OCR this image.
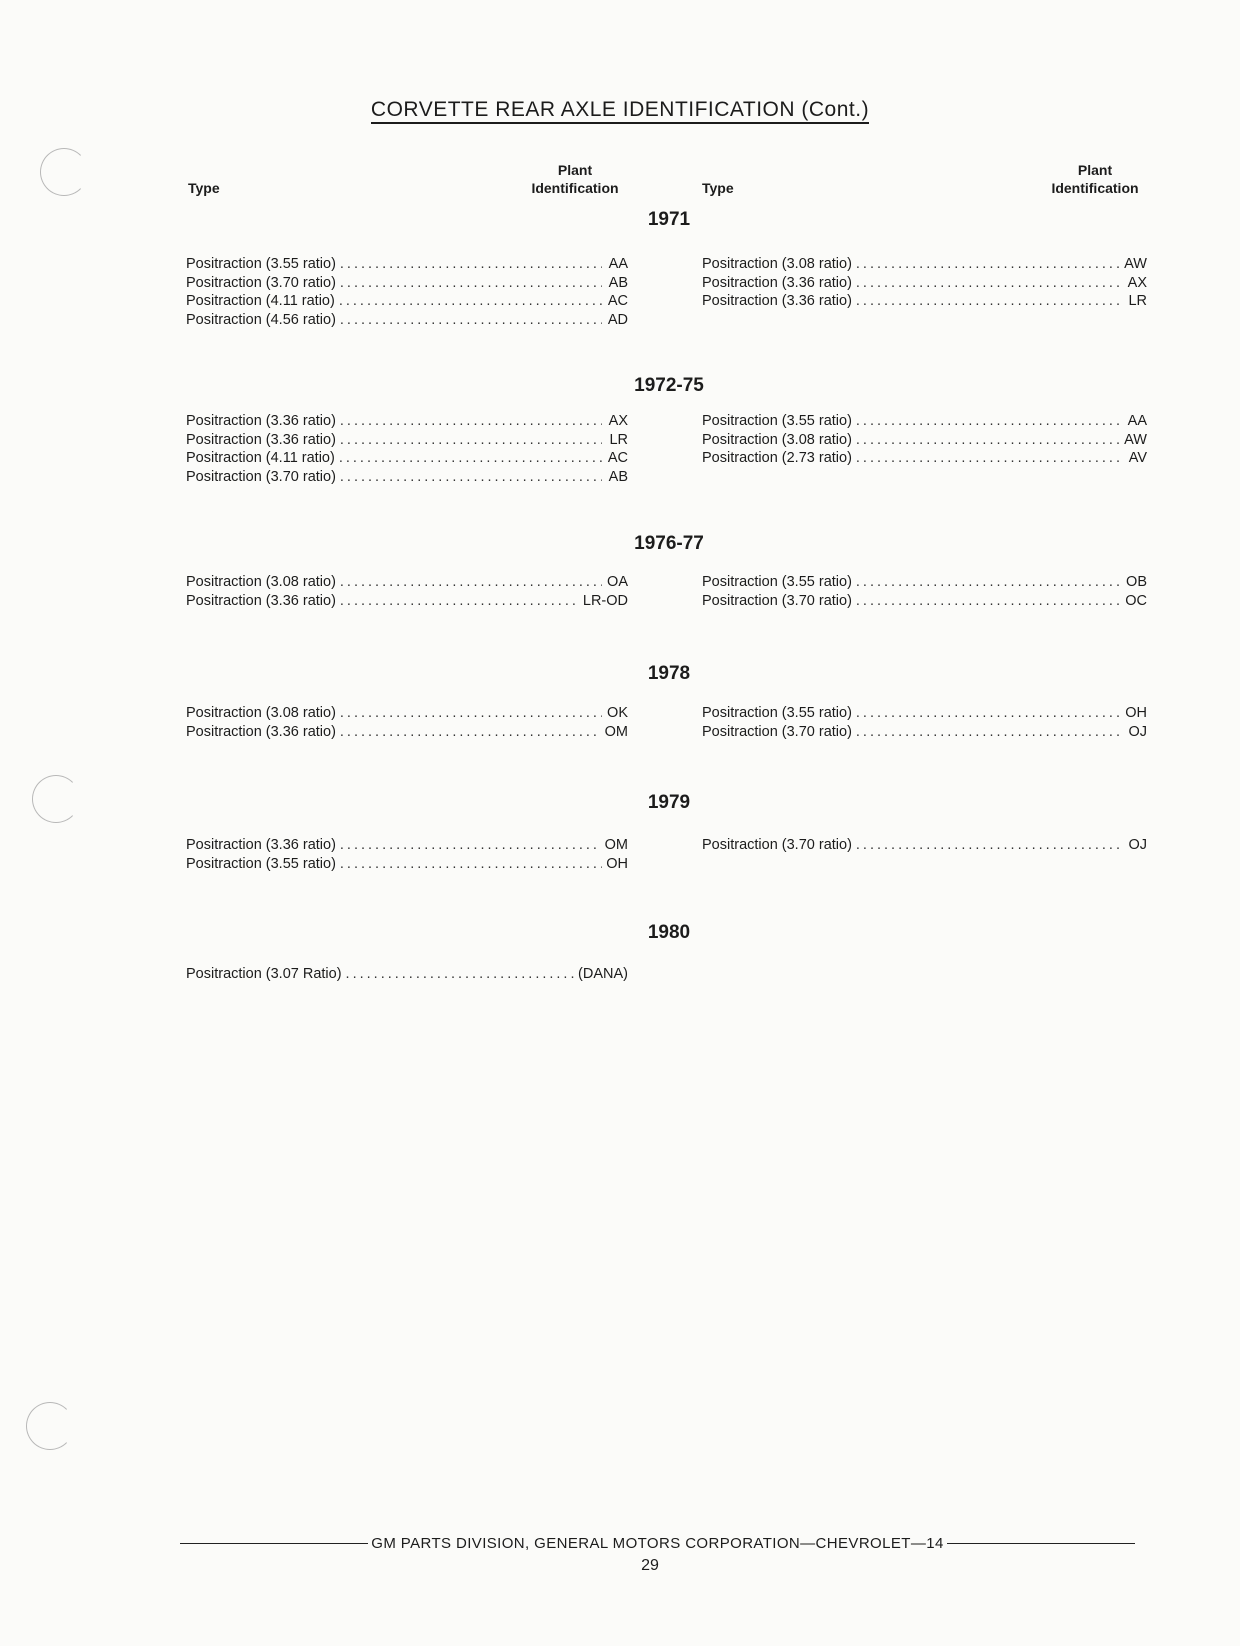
CORVETTE REAR AXLE IDENTIFICATION (Cont.)
Type
Plant
Identification	Type
Plant
Identification
1971
Positraction (3.55 ratio) .....	AA
Positraction (3.70 ratio) .....	AB
Positraction (4.11 ratio) .....	AC
Positraction (4.56 ratio) .....	AD
Positraction (3.08 ratio) .....	AW
Positraction (3.36 ratio) .....	AX
Positraction (3.36 ratio) .....	LR
1972-75
Positraction (3.36 ratio) .....	AX
Positraction (3.36 ratio) .....	LR
Positraction (4.11 ratio) .....	AC
Positraction (3.70 ratio) .....	AB
Positraction (3.55 ratio) .....	AA
Positraction (3.08 ratio) .....	AW
Positraction (2.73 ratio) .....	AV
1976-77
Positraction (3.08 ratio) .....	OA
Positraction (3.36 ratio) .....	LR-OD
Positraction (3.55 ratio) .....	OB
Positraction (3.70 ratio) .....	OC
1978
Positraction (3.08 ratio) .....	OK
Positraction (3.36 ratio) .....	OM
Positraction (3.55 ratio) .....	OH
Positraction (3.70 ratio) .....	OJ
1979
Positraction (3.36 ratio) .....	OM
Positraction (3.55 ratio) .....	OH
Positraction (3.70 ratio) .....	OJ
1980
Positraction (3.07 Ratio) .....	(DANA)
GM PARTS DIVISION, GENERAL MOTORS CORPORATION—CHEVROLET—14
29
